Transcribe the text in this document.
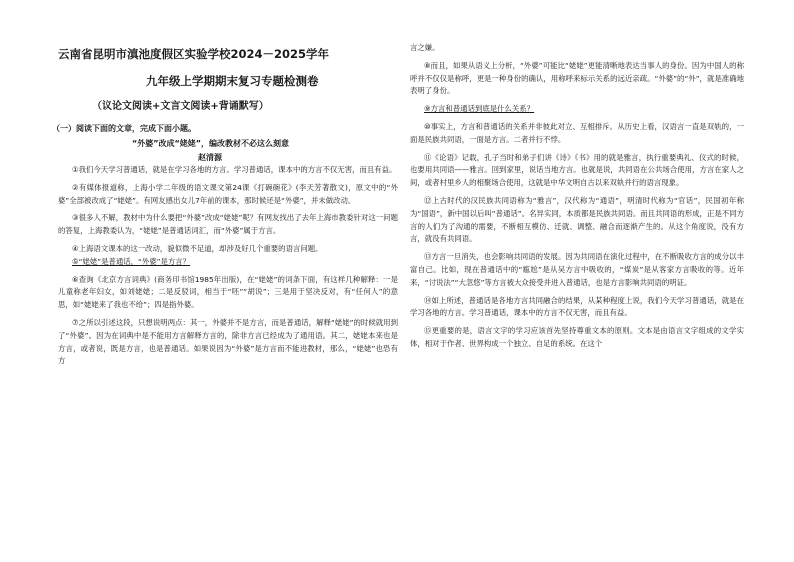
云南省昆明市滇池度假区实验学校2024－2025学年

九年级上学期期末复习专题检测卷

（议论文阅读+文言文阅读+背诵默写）

（一）阅读下面的文章，完成下面小题。
“外婆”改成“姥姥”，编改教材不必这么刻意
赵清源

①我们今天学习普通话，就是在学习各地的方言。学习普通话，课本中的方言不仅无害，而且有益。

②有媒体报道称，上海小学二年级的语文课文第24课《打碗碗花》(李天芳著散文)，原文中的“外婆”全部被改成了“姥姥”。有网友感出女儿7年前的课本，那时候还是“外婆”，并未做改动。

③很多人不解，教材中为什么要把“外婆”改成“姥姥”呢？有网友找出了去年上海市教委针对这一问题的答复，上海教委认为，“姥姥”是普通话词汇，而“外婆”属于方言。

④上海语文课本的这一改动，貌似微不足道，却涉及好几个重要的语言问题。

⑤“姥姥”是普通话，“外婆”是方言？

⑥查询《北京方言词典》(商务印书馆1985年出版)，在“姥姥”的词条下面，有这样几种解释：一是儿童称老年妇女，如刘姥姥；二是反驳词，相当于“呸”“胡说”；三是用于坚决反对，有“任何人”的意思，如“姥姥来了我也不给”；四是指外婆。

⑦之所以引述这段，只想说明两点：其一，外婆并不是方言，而是普通话，解释“姥姥”的时候就用到了“外婆”。因为在词典中是不能用方言解释方言的，除非方言已经成为了通用语。其二，姥姥本来也是方言，或者说，既是方言，也是普通话。如果说因为“外婆”是方言而不能进教材，那么，“姥姥”也恐有方

言之嫌。

⑧而且，如果从语义上分析，“外婆”可能比“姥姥”更能清晰地表达当事人的身份。因为中国人的称呼并不仅仅是称呼，更是一种身份的确认，用称呼来标示关系的远近亲疏。“外婆”的“外”，就是准确地表明了身份。

⑨方言和普通话到底是什么关系？

⑩事实上，方言和普通话的关系并非彼此对立、互相排斥。从历史上看，汉语言一直是双轨的，一面是民族共同语，一面是方言。二者并行不悖。

⑪《论语》记载，孔子当时和弟子们讲《诗》《书》用的就是雅言，执行重要典礼、仪式的时候，也要用共同语——雅言。回到家里，说话当地方言。也就是说，共同语在公共场合使用，方言在家人之间，或者村里乡人的相聚场合使用，这就是中华文明自古以来双轨并行的语言现象。

⑫上古时代的汉民族共同语称为“雅言”，汉代称为“通语”，明清时代称为“官话”，民国初年称为“国语”，新中国以后叫“普通话”。名异实同，本质都是民族共同语。而且共同语的形成，正是不同方言的人们为了沟通的需要，不断相互模仿、迁就、调整、融合而逐渐产生的。从这个角度说，没有方言，就没有共同语。

⑬方言一旦消失，也会影响共同语的发展。因为共同语在演化过程中，在不断吸收方言的成分以丰富自己。比如，现在普通话中的“尴尬”是从吴方言中吸收的，“煤炭”是从客家方言吸收的等。近年来，“讨说法”“大忽悠”等方言被大众接受并进入普通话，也是方言影响共同语的明证。

⑭如上所述，普通话是各地方言共同融合的结果，从某种程度上说，我们今天学习普通话，就是在学习各地的方言。学习普通话，课本中的方言不仅无害，而且有益。

⑮更重要的是，语言文字的学习应该首先坚持尊重文本的原则。文本是由语言文字组成的文学实体，相对于作者、世界构成一个独立、自足的系统。在这个
